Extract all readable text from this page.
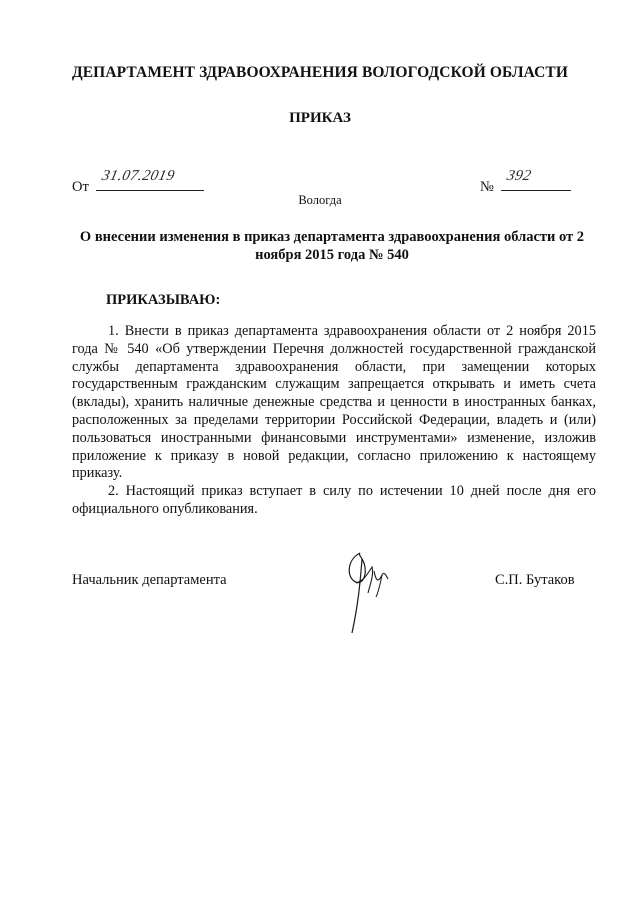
ДЕПАРТАМЕНТ ЗДРАВООХРАНЕНИЯ ВОЛОГОДСКОЙ ОБЛАСТИ
ПРИКАЗ
От
31.07.2019
№
392
Вологда
О внесении изменения в приказ департамента здравоохранения области от 2 ноября 2015 года № 540
ПРИКАЗЫВАЮ:

1. Внести в приказ департамента здравоохранения области от 2 ноября 2015 года № 540 «Об утверждении Перечня должностей государственной гражданской службы департамента здравоохранения области, при замещении которых государственным гражданским служащим запрещается открывать и иметь счета (вклады), хранить наличные денежные средства и ценности в иностранных банках, расположенных за пределами территории Российской Федерации, владеть и (или) пользоваться иностранными финансовыми инструментами» изменение, изложив приложение к приказу в новой редакции, согласно приложению к настоящему приказу.

2. Настоящий приказ вступает в силу по истечении 10 дней после дня его официального опубликования.

Начальник департамента	С.П. Бутаков
